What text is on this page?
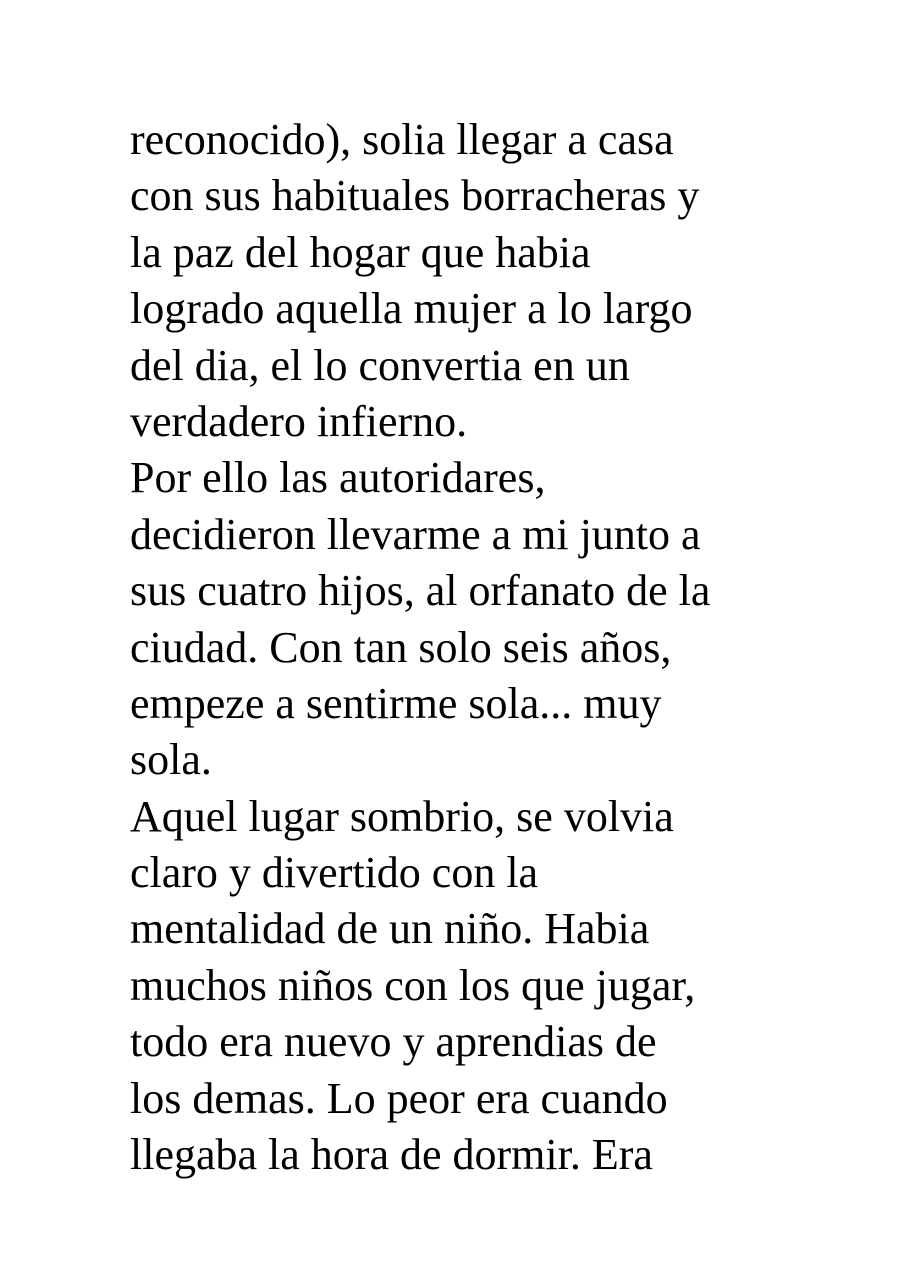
reconocido), solia llegar a casa
con sus habituales borracheras y
la paz del hogar que habia
logrado aquella mujer a lo largo
del dia, el lo convertia en un
verdadero infierno.
Por ello las autoridares,
decidieron llevarme a mi junto a
sus cuatro hijos, al orfanato de la
ciudad. Con tan solo seis años,
empeze a sentirme sola... muy
sola.
Aquel lugar sombrio, se volvia
claro y divertido con la
mentalidad de un niño. Habia
muchos niños con los que jugar,
todo era nuevo y aprendias de
los demas. Lo peor era cuando
llegaba la hora de dormir. Era
